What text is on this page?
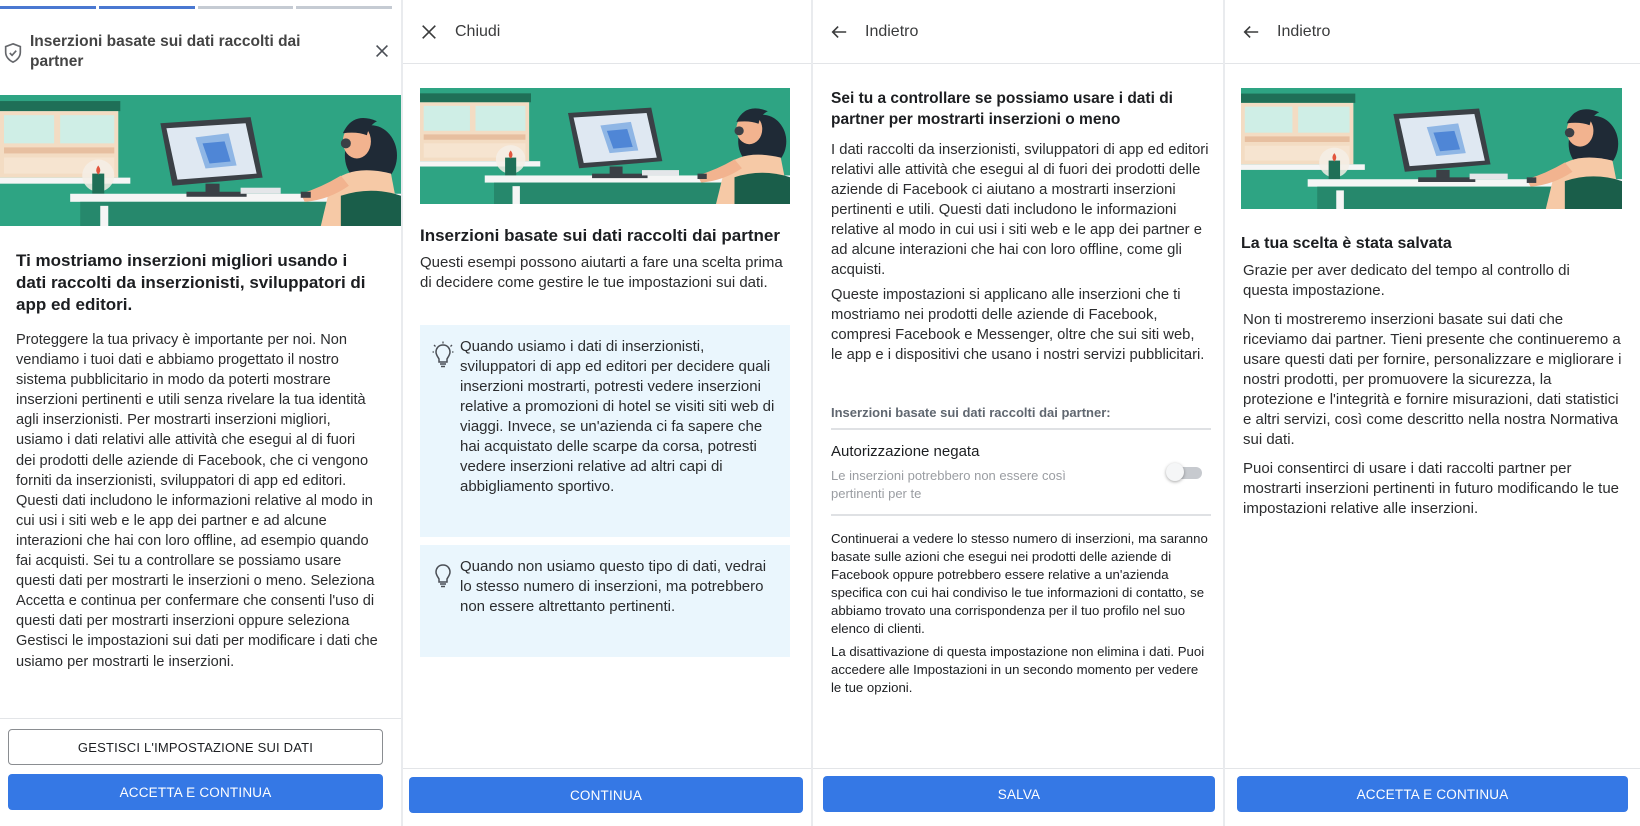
Inserzioni basate sui dati raccolti dai partner
Ti mostriamo inserzioni migliori usando i dati raccolti da inserzionisti, sviluppatori di app ed editori.
Proteggere la tua privacy è importante per noi. Non vendiamo i tuoi dati e abbiamo progettato il nostro sistema pubblicitario in modo da poterti mostrare inserzioni pertinenti e utili senza rivelare la tua identità agli inserzionisti. Per mostrarti inserzioni migliori, usiamo i dati relativi alle attività che esegui al di fuori dei prodotti delle aziende di Facebook, che ci vengono forniti da inserzionisti, sviluppatori di app ed editori. Questi dati includono le informazioni relative al modo in cui usi i siti web e le app dei partner e ad alcune interazioni che hai con loro offline, ad esempio quando fai acquisti. Sei tu a controllare se possiamo usare questi dati per mostrarti le inserzioni o meno. Seleziona Accetta e continua per confermare che consenti l'uso di questi dati per mostrarti inserzioni oppure seleziona Gestisci le impostazioni sui dati per modificare i dati che usiamo per mostrarti le inserzioni.
GESTISCI L'IMPOSTAZIONE SUI DATI
ACCETTA E CONTINUA
Chiudi
Inserzioni basate sui dati raccolti dai partner
Questi esempi possono aiutarti a fare una scelta prima di decidere come gestire le tue impostazioni sui dati.
Quando usiamo i dati di inserzionisti, sviluppatori di app ed editori per decidere quali inserzioni mostrarti, potresti vedere inserzioni relative a promozioni di hotel se visiti siti web di viaggi. Invece, se un'azienda ci fa sapere che hai acquistato delle scarpe da corsa, potresti vedere inserzioni relative ad altri capi di abbigliamento sportivo.
Quando non usiamo questo tipo di dati, vedrai lo stesso numero di inserzioni, ma potrebbero non essere altrettanto pertinenti.
CONTINUA
Indietro
Sei tu a controllare se possiamo usare i dati di partner per mostrarti inserzioni o meno
I dati raccolti da inserzionisti, sviluppatori di app ed editori relativi alle attività che esegui al di fuori dei prodotti delle aziende di Facebook ci aiutano a mostrarti inserzioni pertinenti e utili. Questi dati includono le informazioni relative al modo in cui usi i siti web e le app dei partner e ad alcune interazioni che hai con loro offline, come gli acquisti.
Queste impostazioni si applicano alle inserzioni che ti mostriamo nei prodotti delle aziende di Facebook, compresi Facebook e Messenger, oltre che sui siti web, le app e i dispositivi che usano i nostri servizi pubblicitari.
Inserzioni basate sui dati raccolti dai partner:
Autorizzazione negata
Le inserzioni potrebbero non essere così pertinenti per te
Continuerai a vedere lo stesso numero di inserzioni, ma saranno basate sulle azioni che esegui nei prodotti delle aziende di Facebook oppure potrebbero essere relative a un'azienda specifica con cui hai condiviso le tue informazioni di contatto, se abbiamo trovato una corrispondenza per il tuo profilo nel suo elenco di clienti.
La disattivazione di questa impostazione non elimina i dati. Puoi accedere alle Impostazioni in un secondo momento per vedere le tue opzioni.
SALVA
Indietro
La tua scelta è stata salvata
Grazie per aver dedicato del tempo al controllo di questa impostazione.
Non ti mostreremo inserzioni basate sui dati che riceviamo dai partner. Tieni presente che continueremo a usare questi dati per fornire, personalizzare e migliorare i nostri prodotti, per promuovere la sicurezza, la protezione e l'integrità e fornire misurazioni, dati statistici e altri servizi, così come descritto nella nostra Normativa sui dati.
Puoi consentirci di usare i dati raccolti partner per mostrarti inserzioni pertinenti in futuro modificando le tue impostazioni relative alle inserzioni.
ACCETTA E CONTINUA
